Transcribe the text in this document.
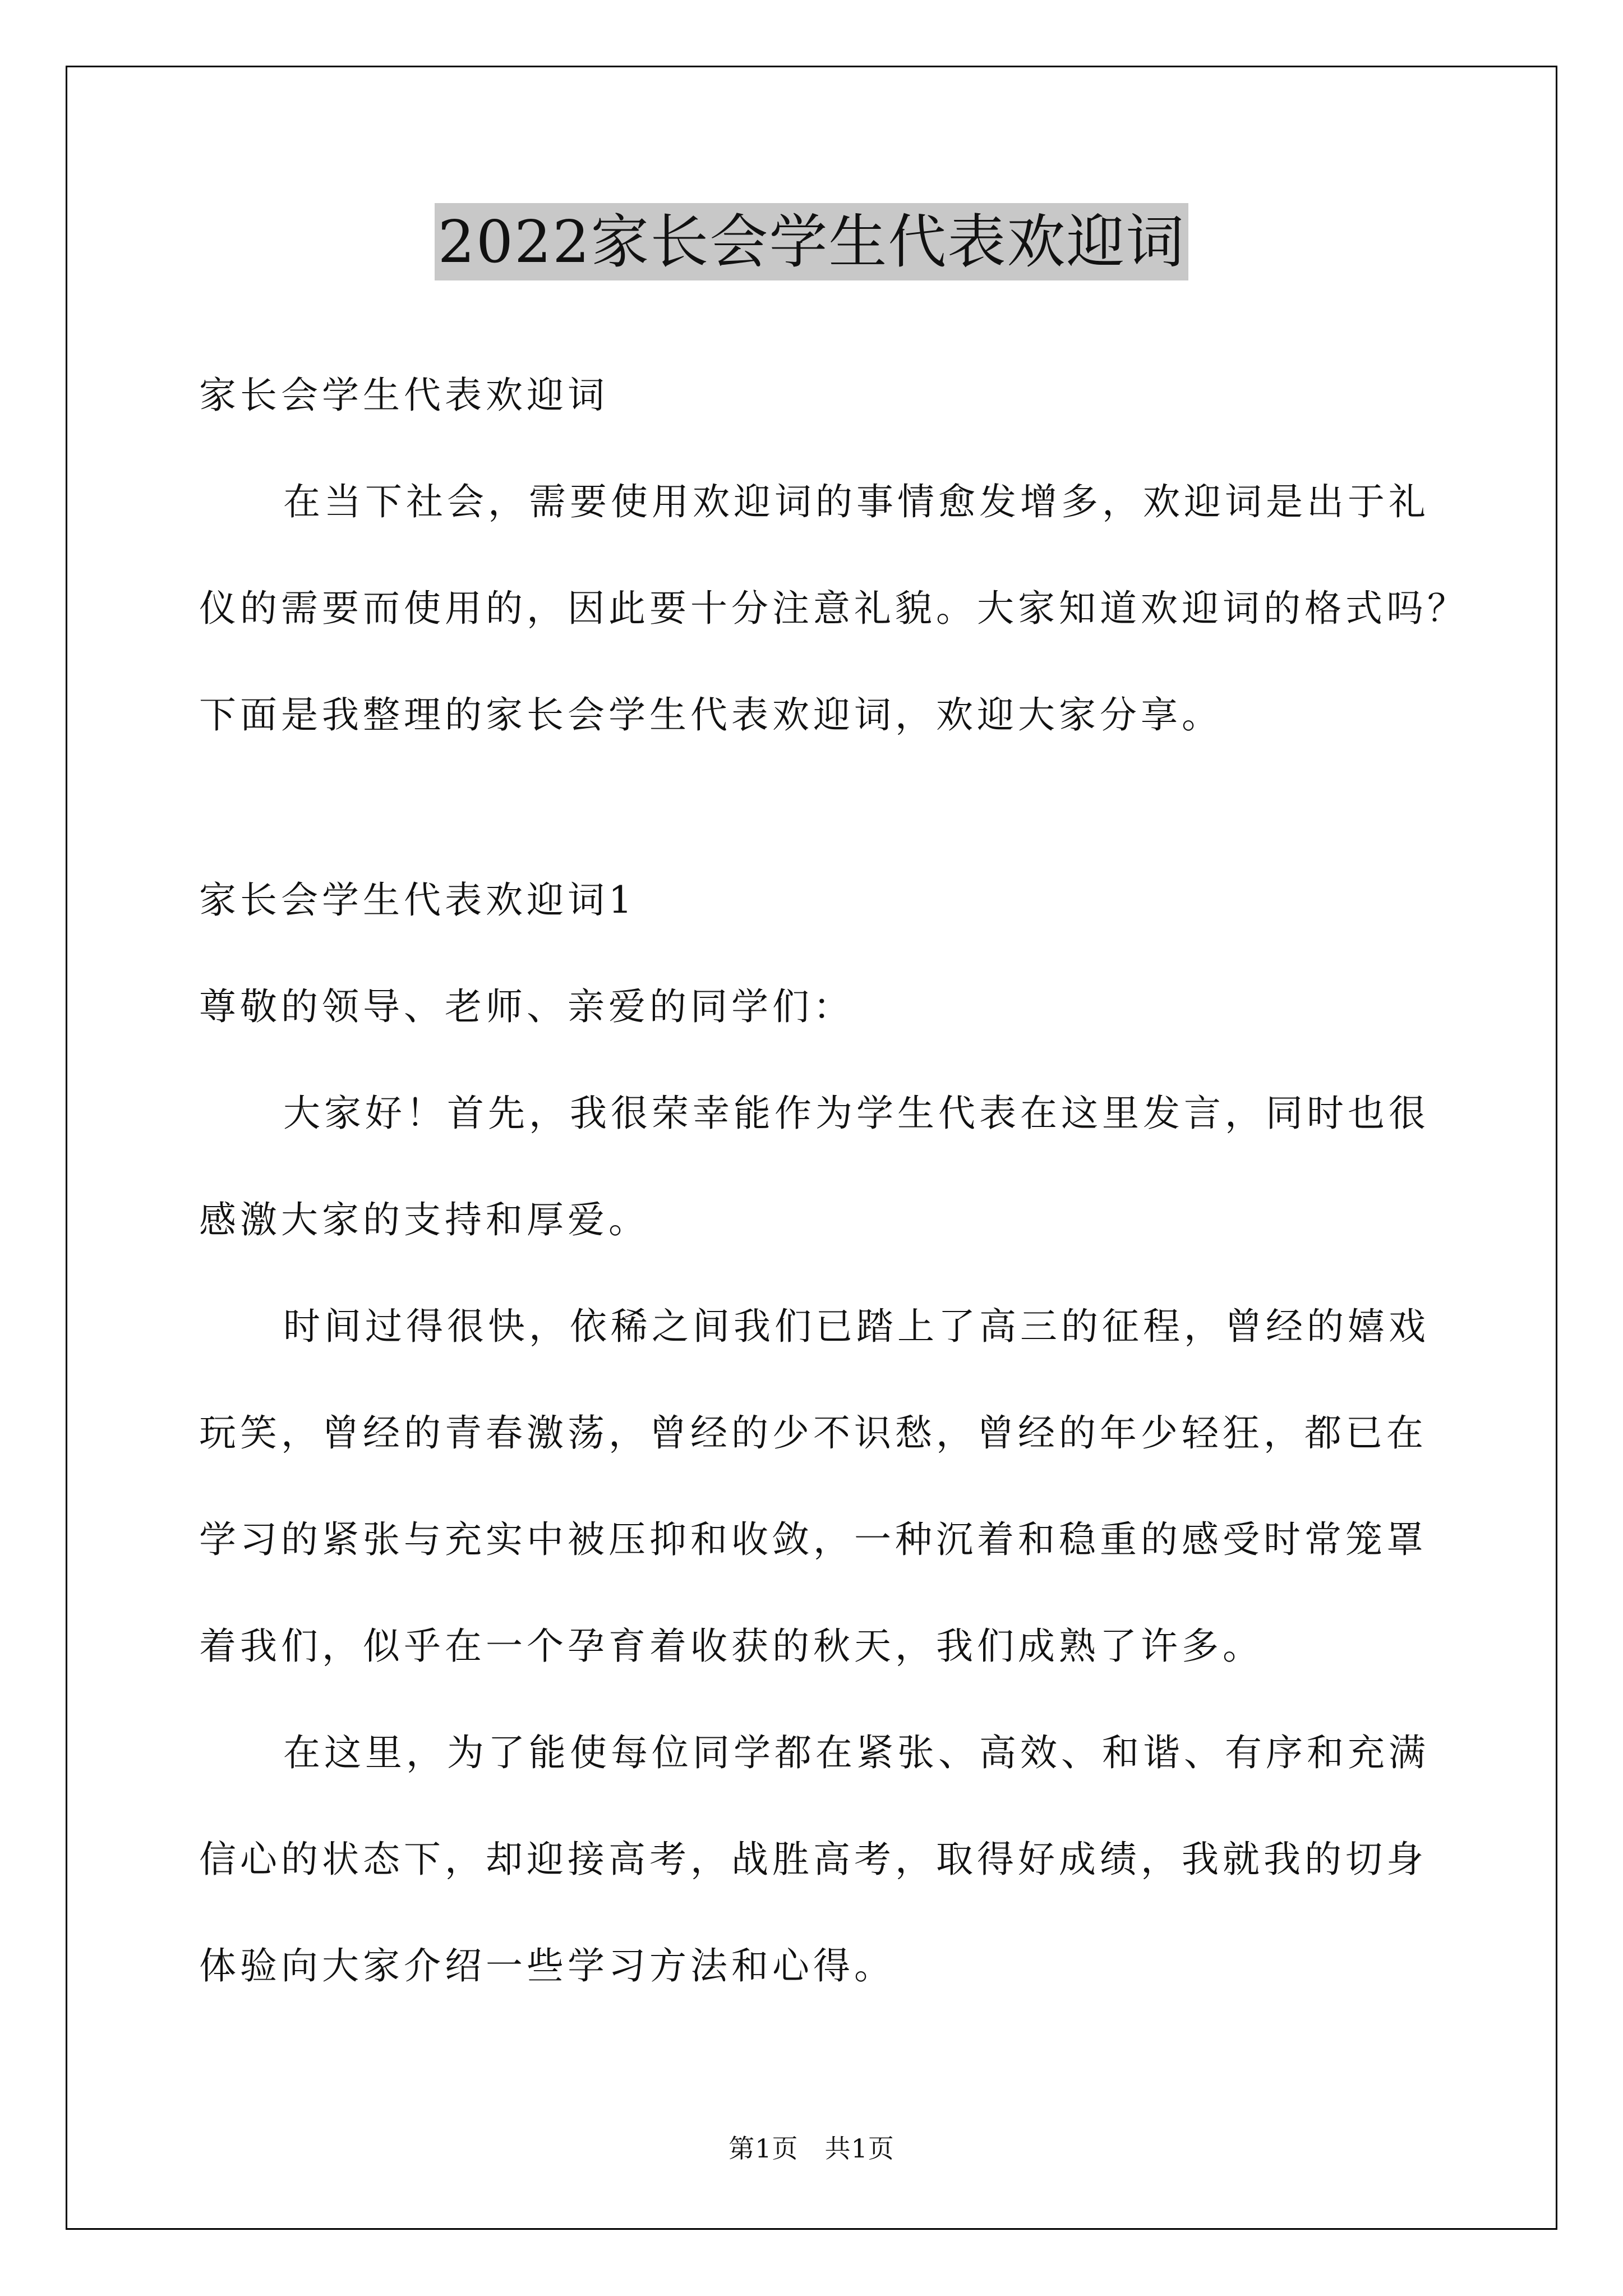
2022家长会学生代表欢迎词

家长会学生代表欢迎词

在当下社会，需要使用欢迎词的事情愈发增多，欢迎词是出于礼

仪的需要而使用的，因此要十分注意礼貌。大家知道欢迎词的格式吗？

下面是我整理的家长会学生代表欢迎词，欢迎大家分享。

家长会学生代表欢迎词1

尊敬的领导、老师、亲爱的同学们：

大家好！首先，我很荣幸能作为学生代表在这里发言，同时也很

感激大家的支持和厚爱。

时间过得很快，依稀之间我们已踏上了高三的征程，曾经的嬉戏

玩笑，曾经的青春激荡，曾经的少不识愁，曾经的年少轻狂，都已在

学习的紧张与充实中被压抑和收敛，一种沉着和稳重的感受时常笼罩

着我们，似乎在一个孕育着收获的秋天，我们成熟了许多。

在这里，为了能使每位同学都在紧张、高效、和谐、有序和充满

信心的状态下，却迎接高考，战胜高考，取得好成绩，我就我的切身

体验向大家介绍一些学习方法和心得。

第1页　共1页
